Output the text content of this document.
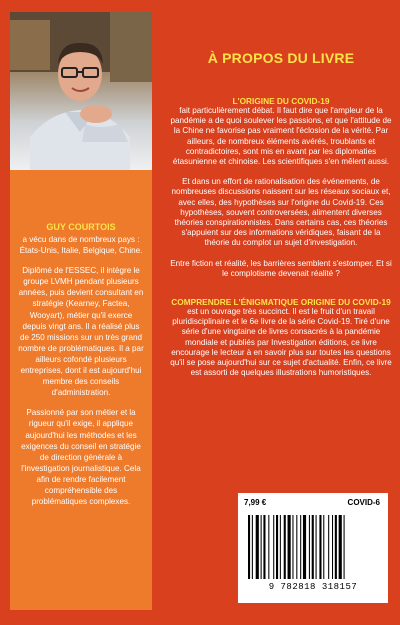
GUY COURTOIS

a vécu dans de nombreux pays : États-Unis, Italie, Belgique, Chine.

Diplômé de l'ESSEC, il intègre le groupe LVMH pendant plusieurs années, puis devient consultant en stratégie (Kearney, Factea, Wooyart), métier qu'il exerce depuis vingt ans. Il a réalisé plus de 250 missions sur un très grand nombre de problématiques. Il a par ailleurs cofondé plusieurs entreprises, dont il est aujourd'hui membre des conseils d'administration.

Passionné par son métier et la rigueur qu'il exige, il applique aujourd'hui les méthodes et les exigences du conseil en stratégie de direction générale à l'investigation journalistique. Cela afin de rendre facilement compréhensible des problématiques complexes.

À PROPOS DU LIVRE

L'ORIGINE DU COVID-19

fait particulièrement débat. Il faut dire que l'ampleur de la pandémie a de quoi soulever les passions, et que l'attitude de la Chine ne favorise pas vraiment l'éclosion de la vérité. Par ailleurs, de nombreux éléments avérés, troublants et contradictoires, sont mis en avant par les diplomaties étasunienne et chinoise. Les scientifiques s'en mêlent aussi.

Et dans un effort de rationalisation des événements, de nombreuses discussions naissent sur les réseaux sociaux et, avec elles, des hypothèses sur l'origine du Covid-19. Ces hypothèses, souvent controversées, alimentent diverses théories conspirationnistes. Dans certains cas, ces théories s'appuient sur des informations véridiques, faisant de la théorie du complot un sujet d'investigation.

Entre fiction et réalité, les barrières semblent s'estomper. Et si le complotisme devenait réalité ?

COMPRENDRE L'ÉNIGMATIQUE ORIGINE DU COVID-19

est un ouvrage très succinct. Il est le fruit d'un travail pluridisciplinaire et le 6e livre de la série Covid-19. Tiré d'une série d'une vingtaine de livres consacrés à la pandémie mondiale et publiés par Investigation éditions, ce livre encourage le lecteur à en savoir plus sur toutes les questions qu'il se pose aujourd'hui sur ce sujet d'actualité. Enfin, ce livre est assorti de quelques illustrations humoristiques.

7,99 €	COVID-6
9 782818 318157
